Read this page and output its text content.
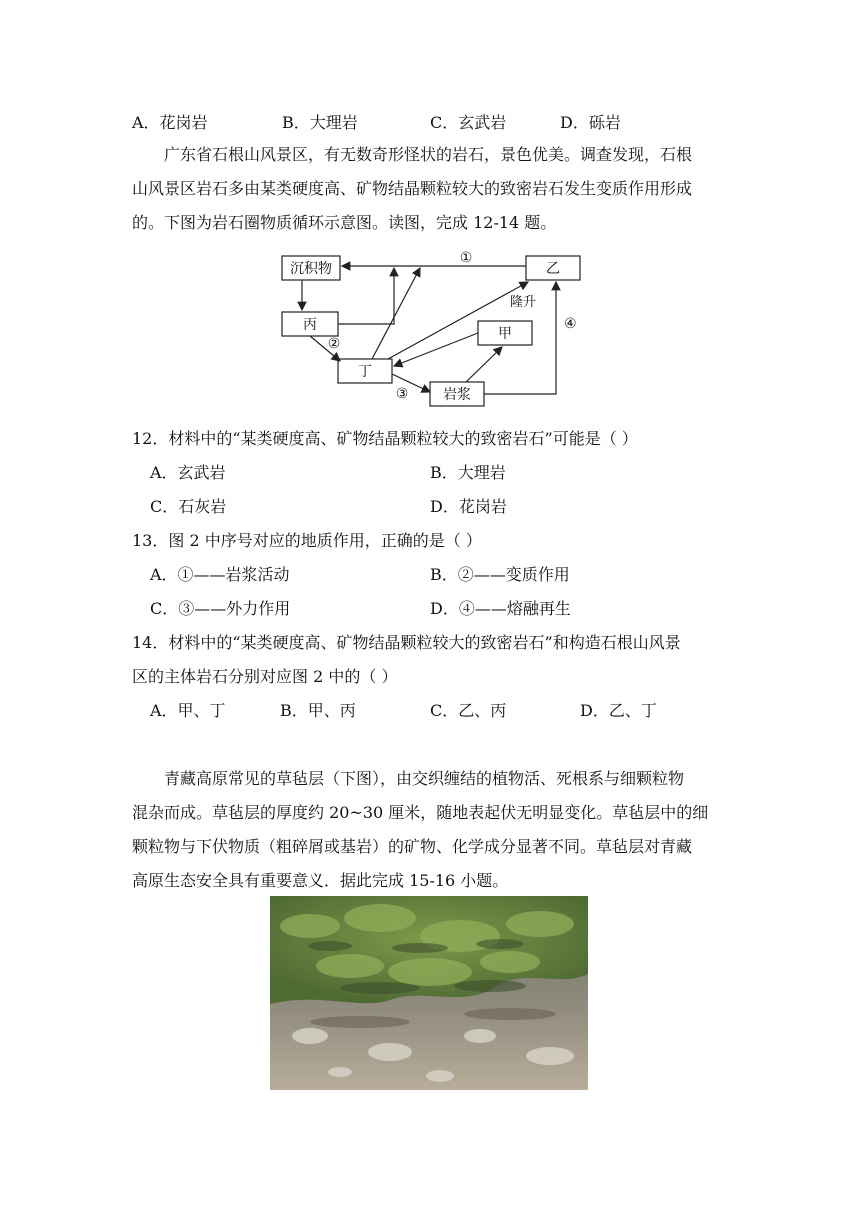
A．花岗岩	B．大理岩	C．玄武岩	D．砾岩
广东省石根山风景区，有无数奇形怪状的岩石，景色优美。调查发现，石根
山风景区岩石多由某类硬度高、矿物结晶颗粒较大的致密岩石发生变质作用形成
的。下图为岩石圈物质循环示意图。读图，完成 12-14 题。
沉积物	乙
丙
甲
丁
岩浆
①
②
③
④
隆升
12．材料中的“某类硬度高、矿物结晶颗粒较大的致密岩石”可能是（ ）
A．玄武岩	B．大理岩
C．石灰岩	D．花岗岩
13．图 2 中序号对应的地质作用，正确的是（ ）
A．①——岩浆活动	B．②——变质作用
C．③——外力作用	D．④——熔融再生
14．材料中的“某类硬度高、矿物结晶颗粒较大的致密岩石”和构造石根山风景
区的主体岩石分别对应图 2 中的（ ）
A．甲、丁	B．甲、丙	C．乙、丙	D．乙、丁
青藏高原常见的草毡层（下图），由交织缠结的植物活、死根系与细颗粒物
混杂而成。草毡层的厚度约 20~30 厘米，随地表起伏无明显变化。草毡层中的细
颗粒物与下伏物质（粗碎屑或基岩）的矿物、化学成分显著不同。草毡层对青藏
高原生态安全具有重要意义．据此完成 15-16 小题。
